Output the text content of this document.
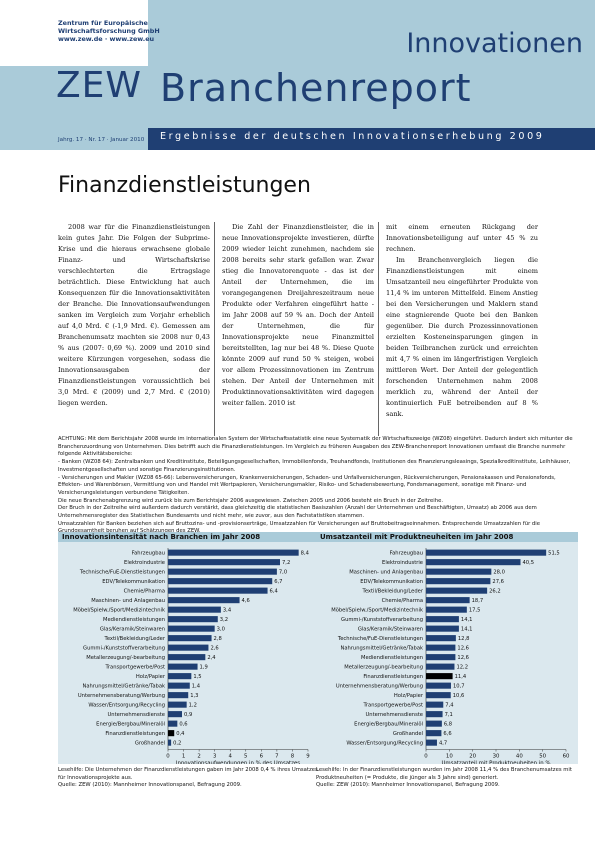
Zentrum für Europäische
Wirtschaftsforschung GmbH
www.zew.de · www.zew.eu
ZEW
Innovationen
Branchenreport
Ergebnisse der deutschen Innovationserhebung 2009
Jahrg. 17 · Nr. 17 · Januar 2010
Finanzdienstleistungen

2008 war für die Finanzdienstleistungen kein gutes Jahr. Die Folgen der Subprime-Krise und die hieraus erwachsene globale Finanz- und Wirtschaftskrise verschlechterten die Ertragslage beträchtlich. Diese Entwicklung hat auch Konsequenzen für die Innovationsaktivitäten der Branche. Die Innovationsaufwendungen sanken im Vergleich zum Vorjahr erheblich auf 4,0 Mrd. € (-1,9 Mrd. €). Gemessen am Branchenumsatz machten sie 2008 nur 0,43 % aus (2007: 0,69 %). 2009 und 2010 sind weitere Kürzungen vorgesehen, sodass die Innovationsausgaben der Finanzdienstleistungen voraussichtlich bei 3,0 Mrd. € (2009) und 2,7 Mrd. € (2010) liegen werden.

Die Zahl der Finanzdienstleister, die in neue Innovationsprojekte investieren, dürfte 2009 wieder leicht zunehmen, nachdem sie 2008 bereits sehr stark gefallen war. Zwar stieg die Innovatorenquote - das ist der Anteil der Unternehmen, die im vorangegangenen Dreijahreszeitraum neue Produkte oder Verfahren eingeführt hatte - im Jahr 2008 auf 59 % an. Doch der Anteil der Unternehmen, die für Innovationsprojekte neue Finanzmittel bereitstellten, lag nur bei 48 %. Diese Quote könnte 2009 auf rund 50 % steigen, wobei vor allem Prozessinnovationen im Zentrum stehen. Der Anteil der Unternehmen mit Produktinnovationsaktivitäten wird dagegen weiter fallen. 2010 ist

mit einem erneuten Rückgang der Innovationsbeteiligung auf unter 45 % zu rechnen.

Im Branchenvergleich liegen die Finanzdienstleistungen mit einem Umsatzanteil neu eingeführter Produkte von 11,4 % im unteren Mittelfeld. Einem Anstieg bei den Versicherungen und Maklern stand eine stagnierende Quote bei den Banken gegenüber. Die durch Prozessinnovationen erzielten Kosteneinsparungen gingen in beiden Teilbranchen zurück und erreichten mit 4,7 % einen im längerfristigen Vergleich mittleren Wert. Der Anteil der gelegentlich forschenden Unternehmen nahm 2008 merklich zu, während der Anteil der kontinuierlich FuE betreibenden auf 8 % sank.

ACHTUNG: Mit dem Berichtsjahr 2008 wurde im internationalen System der Wirtschaftsstatistik eine neue Systematik der Wirtschaftszweige (WZ08) eingeführt. Dadurch ändert sich mitunter die Branchenzuordnung von Unternehmen. Dies betrifft auch die Finanzdienstleistungen. Im Vergleich zu früheren Ausgaben des ZEW-Branchenreport Innovationen umfasst die Branche nunmehr folgende Aktivitätsbereiche:

- Banken (WZ08 64): Zentralbanken und Kreditinstitute, Beteiligungsgesellschaften, Immobilienfonds, Treuhandfonds, Institutionen des Finanzierungsleasings, Spezialkreditinstitute, Leihhäuser, Investmentgesellschaften und sonstige Finanzierungsinstitutionen.

- Versicherungen und Makler (WZ08 65-66): Lebensversicherungen, Krankenversicherungen, Schaden- und Unfallversicherungen, Rückversicherungen, Pensionskassen und Pensionsfonds, Effekten- und Warenbörsen, Vermittlung von und Handel mit Wertpapieren, Versicherungsmakler, Risiko- und Schadensbewertung, Fondsmanagement, sonstige mit Finanz- und Versicherungsleistungen verbundene Tätigkeiten.

Die neue Branchenabgrenzung wird zurück bis zum Berichtsjahr 2006 ausgewiesen. Zwischen 2005 und 2006 besteht ein Bruch in der Zeitreihe.

Der Bruch in der Zeitreihe wird außerdem dadurch verstärkt, dass gleichzeitig die statistischen Basiszahlen (Anzahl der Unternehmen und Beschäftigten, Umsatz) ab 2006 aus dem Unternehmensregister des Statistischen Bundesamts und nicht mehr, wie zuvor, aus den Fachstatistiken stammen.

Umsatzzahlen für Banken beziehen sich auf Bruttozins- und -provisionserträge, Umsatzzahlen für Versicherungen auf Bruttobeitragseinnahmen. Entsprechende Umsatzzahlen für die

Innovationsintensität nach Branchen im Jahr 2008
Fahrzeugbau	8,4
Elektroindustrie	7,2
Technische/FuE-Dienstleistungen	7,0
EDV/Telekommunikation	6,7
Chemie/Pharma	6,4
Maschinen- und Anlagenbau	4,6
Möbel/Spielw./Sport/Medizintechnik	3,4
Mediendienstleistungen	3,2
Glas/Keramik/Steinwaren	3,0
Textil/Bekleidung/Leder	2,8
Gummi-/Kunststoffverarbeitung	2,6
Metallerzeugung/-bearbeitung	2,4
Transportgewerbe/Post	1,9
Holz/Papier	1,5
Nahrungsmittel/Getränke/Tabak	1,4
Unternehmensberatung/Werbung	1,3
Wasser/Entsorgung/Recycling	1,2
Unternehmensdienste	0,9
Energie/Bergbau/Mineralöl	0,6
Finanzdienstleistungen 0,4
Großhandel 0,2
0 1 2 3 4 5 6 7 8 9
Innovationsaufwendungen in % des Umsatzes
Umsatzanteil mit Produktneuheiten im Jahr 2008
Fahrzeugbau	51,5
Elektroindustrie	40,5
Maschinen- und Anlagenbau	28,0
EDV/Telekommunikation	27,6
Textil/Bekleidung/Leder	26,2
Chemie/Pharma	18,7
Möbel/Spielw./Sport/Medizintechnik	17,5
Gummi-/Kunststoffverarbeitung	14,1
Glas/Keramik/Steinwaren	14,1
Technische/FuE-Dienstleistungen	12,8
Nahrungsmittel/Getränke/Tabak	12,6
Mediendienstleistungen	12,6
Metallerzeugung/-bearbeitung	12,2
Finanzdienstleistungen	11,4
Unternehmensberatung/Werbung	10,7
Holz/Papier	10,6
Transportgewerbe/Post	7,4
Unternehmensdienste	7,1
Energie/Bergbau/Mineralöl	6,8
Großhandel	6,6
Wasser/Entsorgung/Recycling	4,7
0	10	20	30	40	50	60
Umsatzanteil mit Produktneuheiten in %
Lesehilfe: Die Unternehmen der Finanzdienstleistungen gaben im Jahr 2008 0,4 % ihres Umsatzes für Innovationsprojekte aus.
Quelle: ZEW (2010): Mannheimer Innovationspanel, Befragung 2009.
Lesehilfe: In der Finanzdienstleistungen wurden im Jahr 2008 11,4 % des Branchenumsatzes mit Produktneuheiten (= Produkte, die jünger als 3 Jahre sind) generiert.
Quelle: ZEW (2010): Mannheimer Innovationspanel, Befragung 2009.
